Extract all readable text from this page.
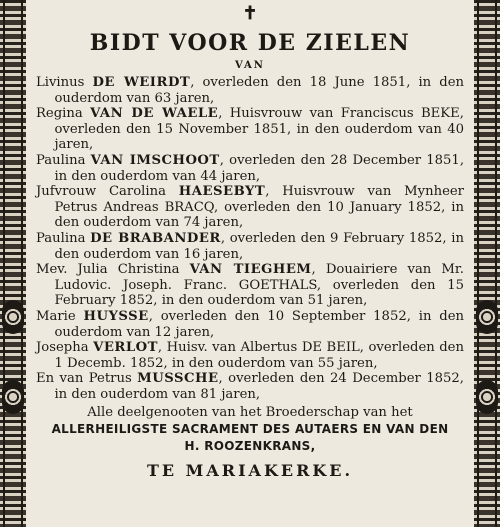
✝
BIDT VOOR DE ZIELEN
VAN

Livinus DE WEIRDT, overleden den 18 June 1851, in den ouderdom van 63 jaren,

Regina VAN DE WAELE, Huisvrouw van Franciscus BEKE, overleden den 15 November 1851, in den ouderdom van 40 jaren,

Paulina VAN IMSCHOOT, overleden den 28 December 1851, in den ouderdom van 44 jaren,

Jufvrouw Carolina HAESEBYT, Huisvrouw van Mynheer Petrus Andreas BRACQ, overleden den 10 January 1852, in den ouderdom van 74 jaren,

Paulina DE BRABANDER, overleden den 9 February 1852, in den ouderdom van 16 jaren,

Mev. Julia Christina VAN TIEGHEM, Douairiere van Mr. Ludovic. Joseph. Franc. GOETHALS, overleden den 15 February 1852, in den ouderdom van 51 jaren,

Marie HUYSSE, overleden den 10 September 1852, in den ouderdom van 12 jaren,

Josepha VERLOT, Huisv. van Albertus DE BEIL, overleden den 1 Decemb. 1852, in den ouderdom van 55 jaren,

En van Petrus MUSSCHE, overleden den 24 December 1852, in den ouderdom van 81 jaren,

Alle deelgenooten van het Broederschap van het
ALLERHEILIGSTE SACRAMENT DES AUTAERS EN VAN DEN
H. ROOZENKRANS,
TE MARIAKERKE.
